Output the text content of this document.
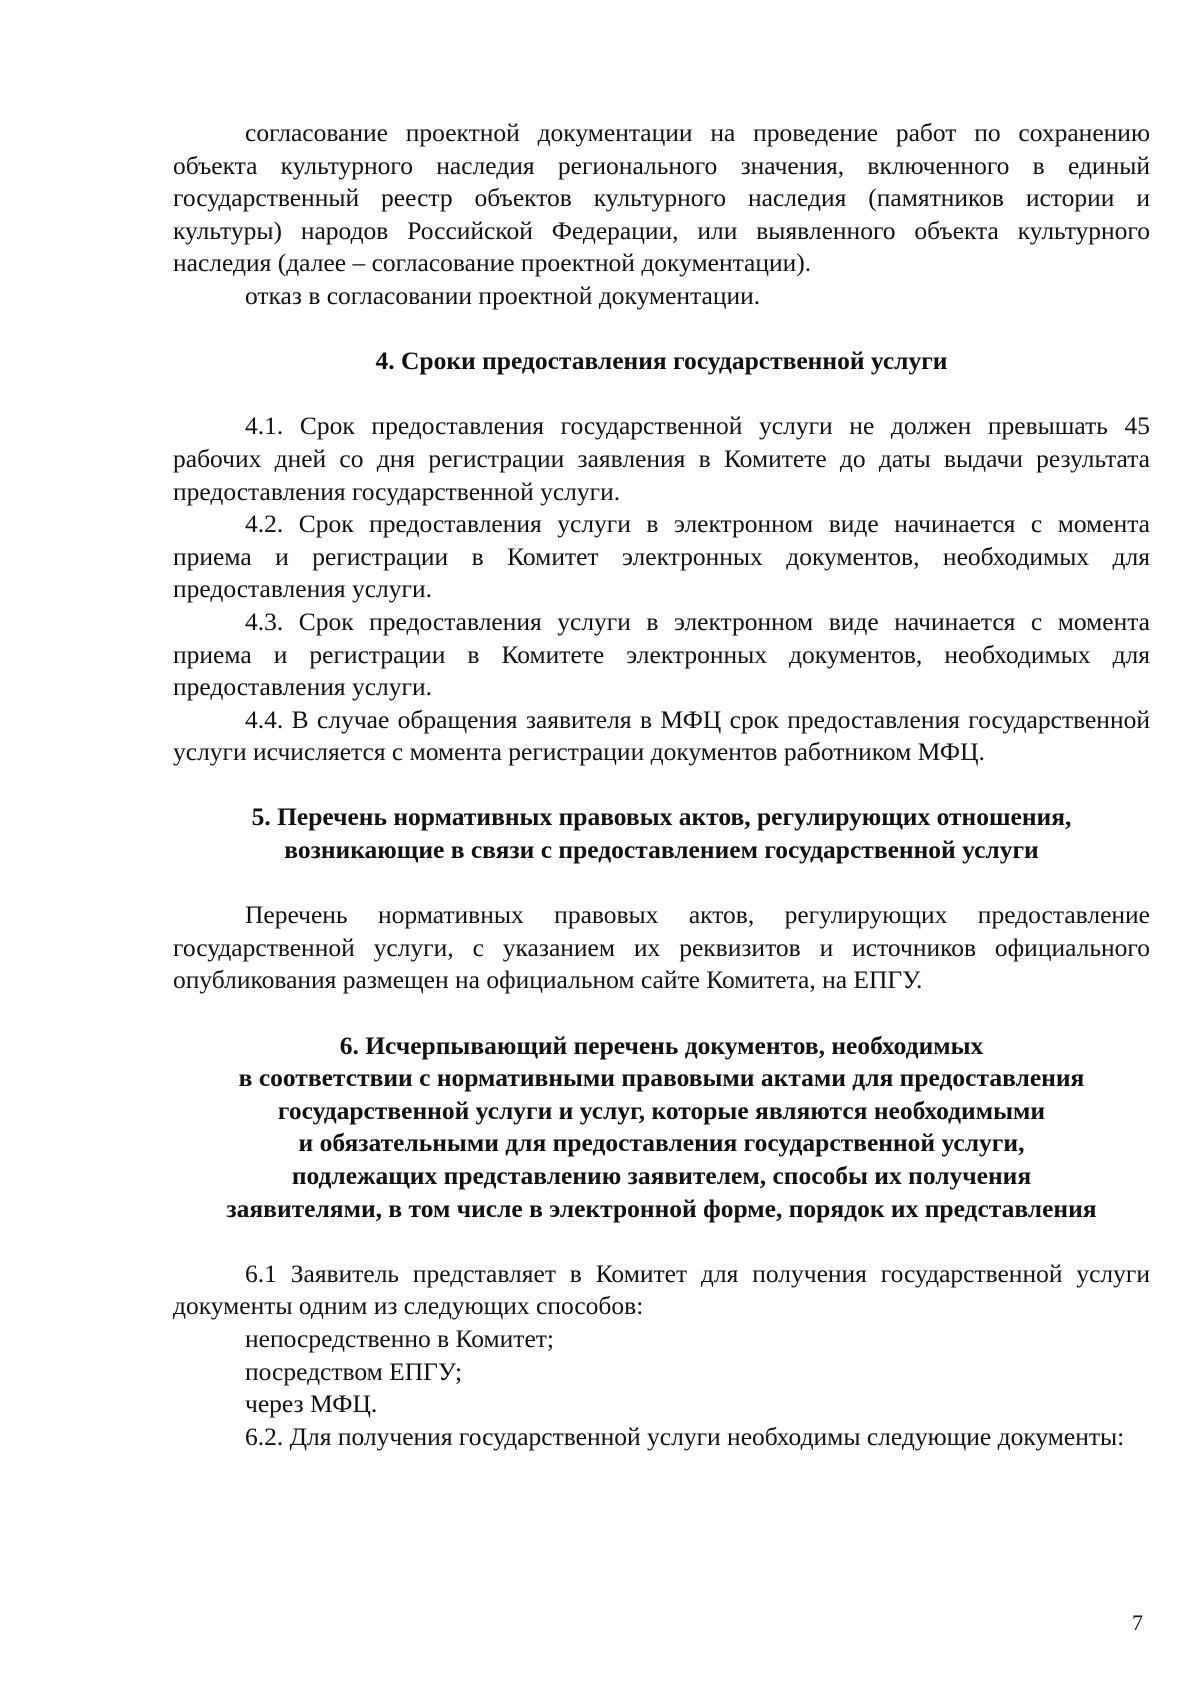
согласование проектной документации на проведение работ по сохранению объекта культурного наследия регионального значения, включенного в единый государственный реестр объектов культурного наследия (памятников истории и культуры) народов Российской Федерации, или выявленного объекта культурного наследия (далее – согласование проектной документации).

отказ в согласовании проектной документации.

4. Сроки предоставления государственной услуги

4.1. Срок предоставления государственной услуги не должен превышать 45 рабочих дней со дня регистрации заявления в Комитете до даты выдачи результата предоставления государственной услуги.

4.2. Срок предоставления услуги в электронном виде начинается с момента приема и регистрации в Комитет электронных документов, необходимых для предоставления услуги.

4.3. Срок предоставления услуги в электронном виде начинается с момента приема и регистрации в Комитете электронных документов, необходимых для предоставления услуги.

4.4. В случае обращения заявителя в МФЦ срок предоставления государственной услуги исчисляется с момента регистрации документов работником МФЦ.

5. Перечень нормативных правовых актов, регулирующих отношения,
возникающие в связи с предоставлением государственной услуги

Перечень нормативных правовых актов, регулирующих предоставление государственной услуги, с указанием их реквизитов и источников официального опубликования размещен на официальном сайте Комитета, на ЕПГУ.

6. Исчерпывающий перечень документов, необходимых
в соответствии с нормативными правовыми актами для предоставления
государственной услуги и услуг, которые являются необходимыми
и обязательными для предоставления государственной услуги,
подлежащих представлению заявителем, способы их получения
заявителями, в том числе в электронной форме, порядок их представления

6.1 Заявитель представляет в Комитет для получения государственной услуги документы одним из следующих способов:

непосредственно в Комитет;

посредством ЕПГУ;

через МФЦ.

6.2. Для получения государственной услуги необходимы следующие документы:

7
